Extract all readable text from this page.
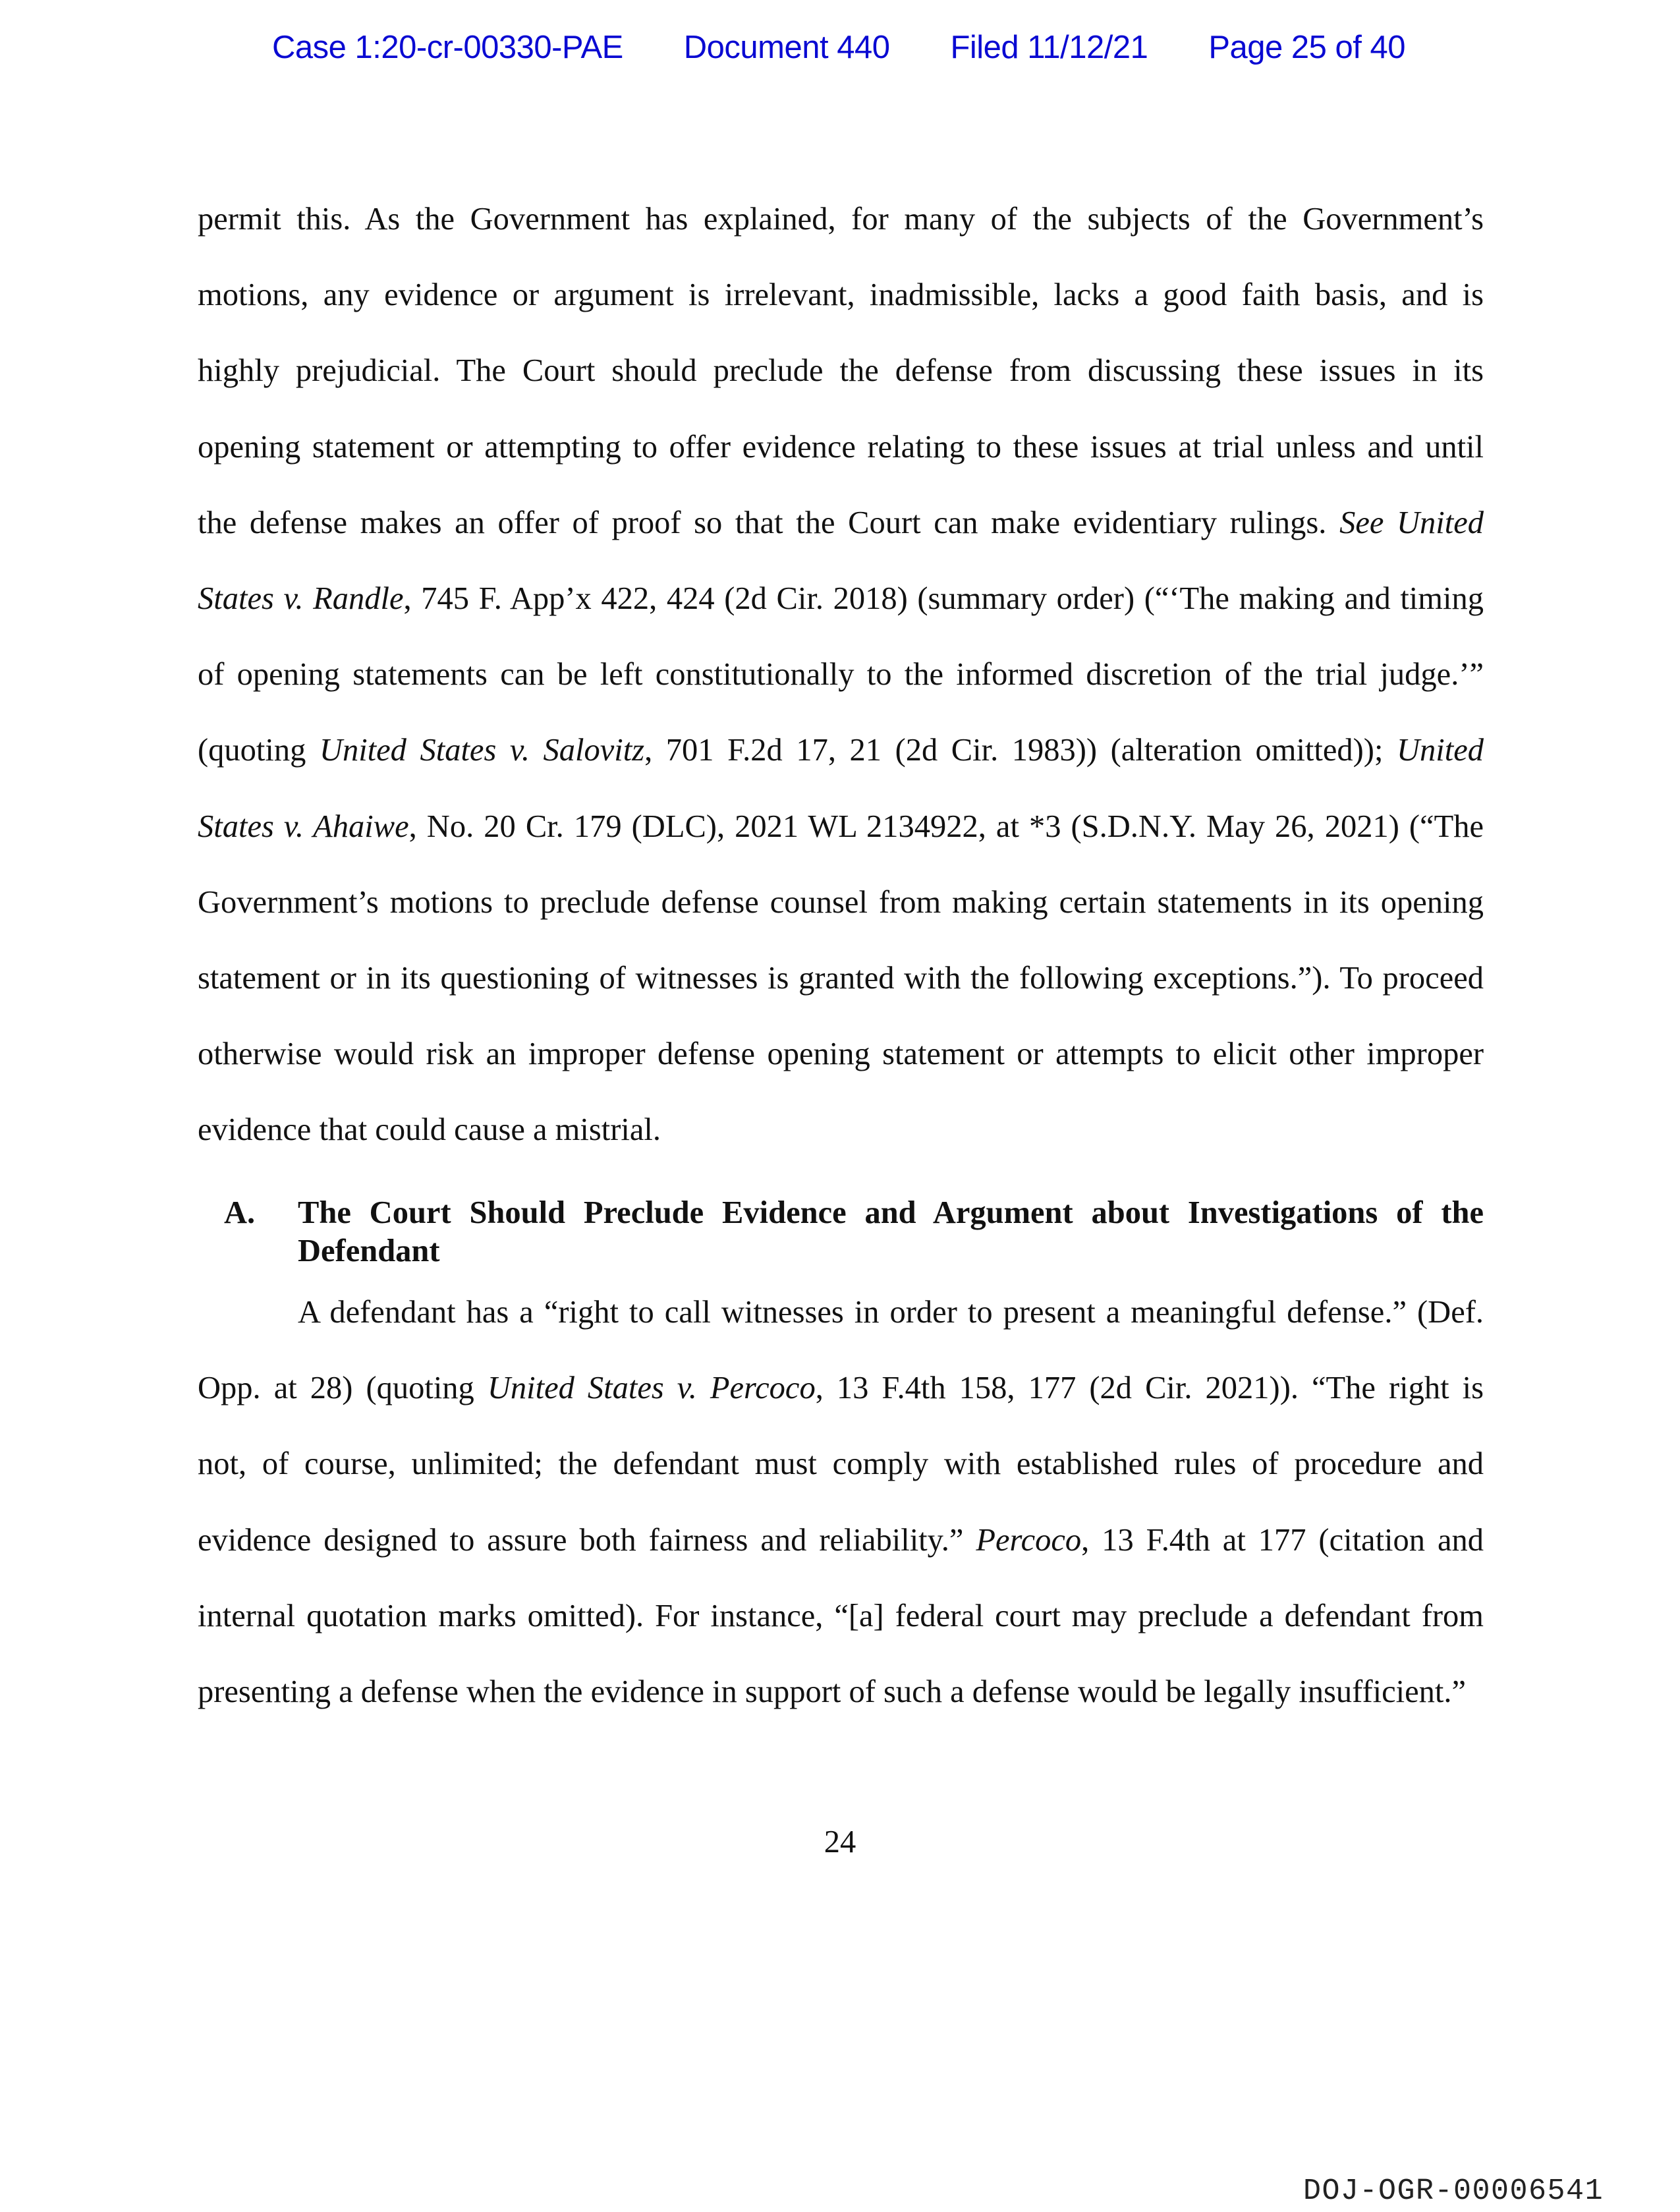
Case 1:20-cr-00330-PAE Document 440 Filed 11/12/21 Page 25 of 40
permit this. As the Government has explained, for many of the subjects of the Government’s
motions, any evidence or argument is irrelevant, inadmissible, lacks a good faith basis, and is
highly prejudicial. The Court should preclude the defense from discussing these issues in its
opening statement or attempting to offer evidence relating to these issues at trial unless and until
the defense makes an offer of proof so that the Court can make evidentiary rulings. See United
States v. Randle, 745 F. App’x 422, 424 (2d Cir. 2018) (summary order) (“‘The making and timing
of opening statements can be left constitutionally to the informed discretion of the trial judge.’”
(quoting United States v. Salovitz, 701 F.2d 17, 21 (2d Cir. 1983)) (alteration omitted)); United
States v. Ahaiwe, No. 20 Cr. 179 (DLC), 2021 WL 2134922, at *3 (S.D.N.Y. May 26, 2021) (“The
Government’s motions to preclude defense counsel from making certain statements in its opening
statement or in its questioning of witnesses is granted with the following exceptions.”). To proceed
otherwise would risk an improper defense opening statement or attempts to elicit other improper
evidence that could cause a mistrial.
A. The Court Should Preclude Evidence and Argument about Investigations of the
Defendant
A defendant has a “right to call witnesses in order to present a meaningful defense.” (Def.
Opp. at 28) (quoting United States v. Percoco, 13 F.4th 158, 177 (2d Cir. 2021)). “The right is
not, of course, unlimited; the defendant must comply with established rules of procedure and
evidence designed to assure both fairness and reliability.” Percoco, 13 F.4th at 177 (citation and
internal quotation marks omitted). For instance, “[a] federal court may preclude a defendant from
presenting a defense when the evidence in support of such a defense would be legally insufficient.”
24
DOJ-OGR-00006541
